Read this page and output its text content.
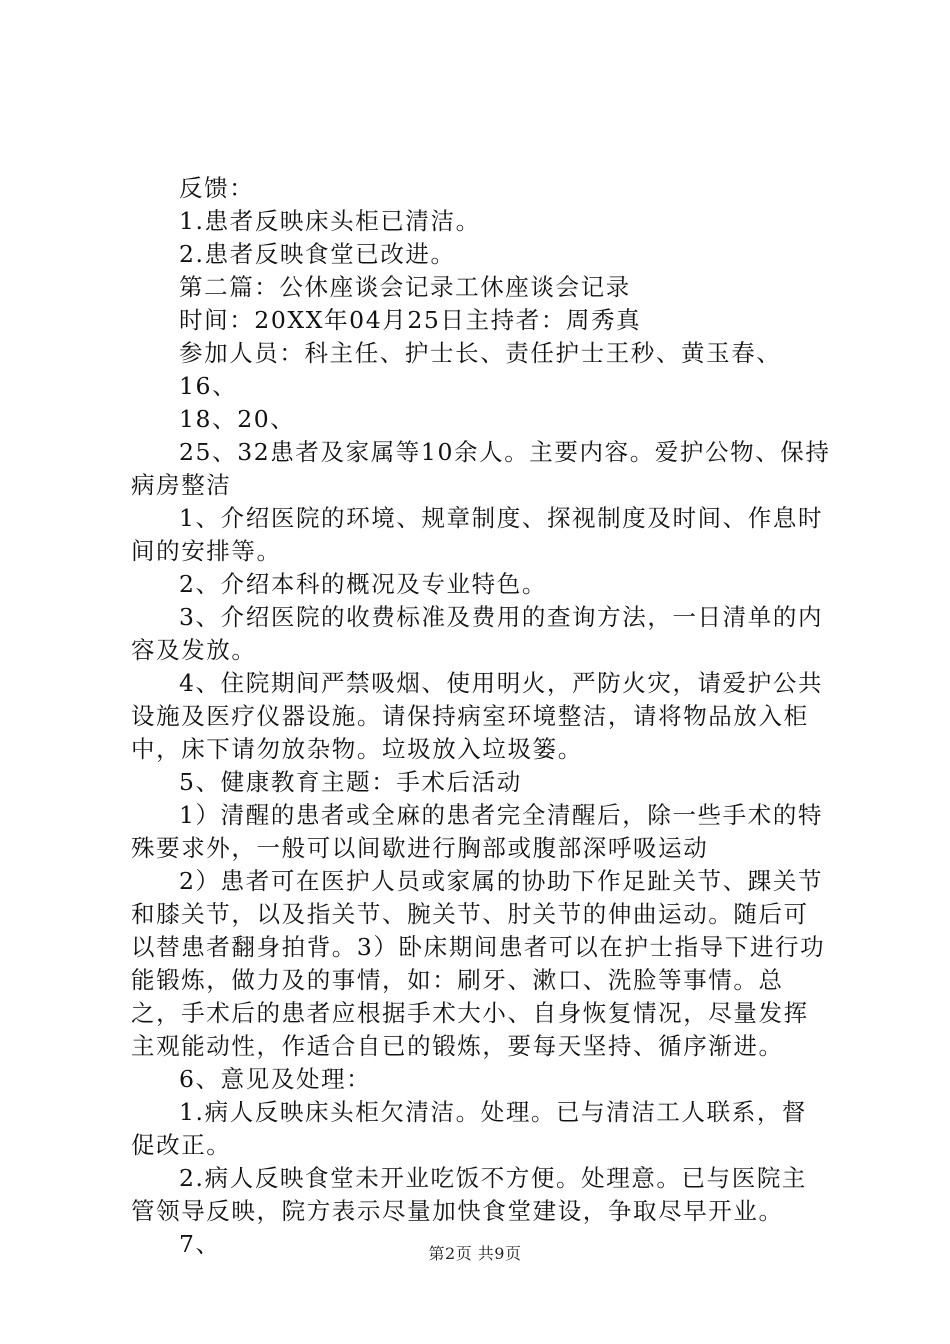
反馈：

1.患者反映床头柜已清洁。

2.患者反映食堂已改进。

第二篇：公休座谈会记录工休座谈会记录

时间：20XX年04月25日主持者：周秀真

参加人员：科主任、护士长、责任护士王秒、黄玉春、

16、

18、20、

25、32患者及家属等10余人。主要内容。爱护公物、保持病房整洁

1、介绍医院的环境、规章制度、探视制度及时间、作息时间的安排等。

2、介绍本科的概况及专业特色。

3、介绍医院的收费标准及费用的查询方法，一日清单的内容及发放。

4、住院期间严禁吸烟、使用明火，严防火灾，请爱护公共设施及医疗仪器设施。请保持病室环境整洁，请将物品放入柜中，床下请勿放杂物。垃圾放入垃圾篓。

5、健康教育主题：手术后活动

1）清醒的患者或全麻的患者完全清醒后，除一些手术的特殊要求外，一般可以间歇进行胸部或腹部深呼吸运动

2）患者可在医护人员或家属的协助下作足趾关节、踝关节和膝关节，以及指关节、腕关节、肘关节的伸曲运动。随后可以替患者翻身拍背。3）卧床期间患者可以在护士指导下进行功能锻炼，做力及的事情，如：刷牙、漱口、洗脸等事情。总之，手术后的患者应根据手术大小、自身恢复情况，尽量发挥主观能动性，作适合自已的锻炼，要每天坚持、循序渐进。

6、意见及处理：

1.病人反映床头柜欠清洁。处理。已与清洁工人联系，督促改正。

2.病人反映食堂未开业吃饭不方便。处理意。已与医院主管领导反映，院方表示尽量加快食堂建设，争取尽早开业。

7、	第2页 共9页
